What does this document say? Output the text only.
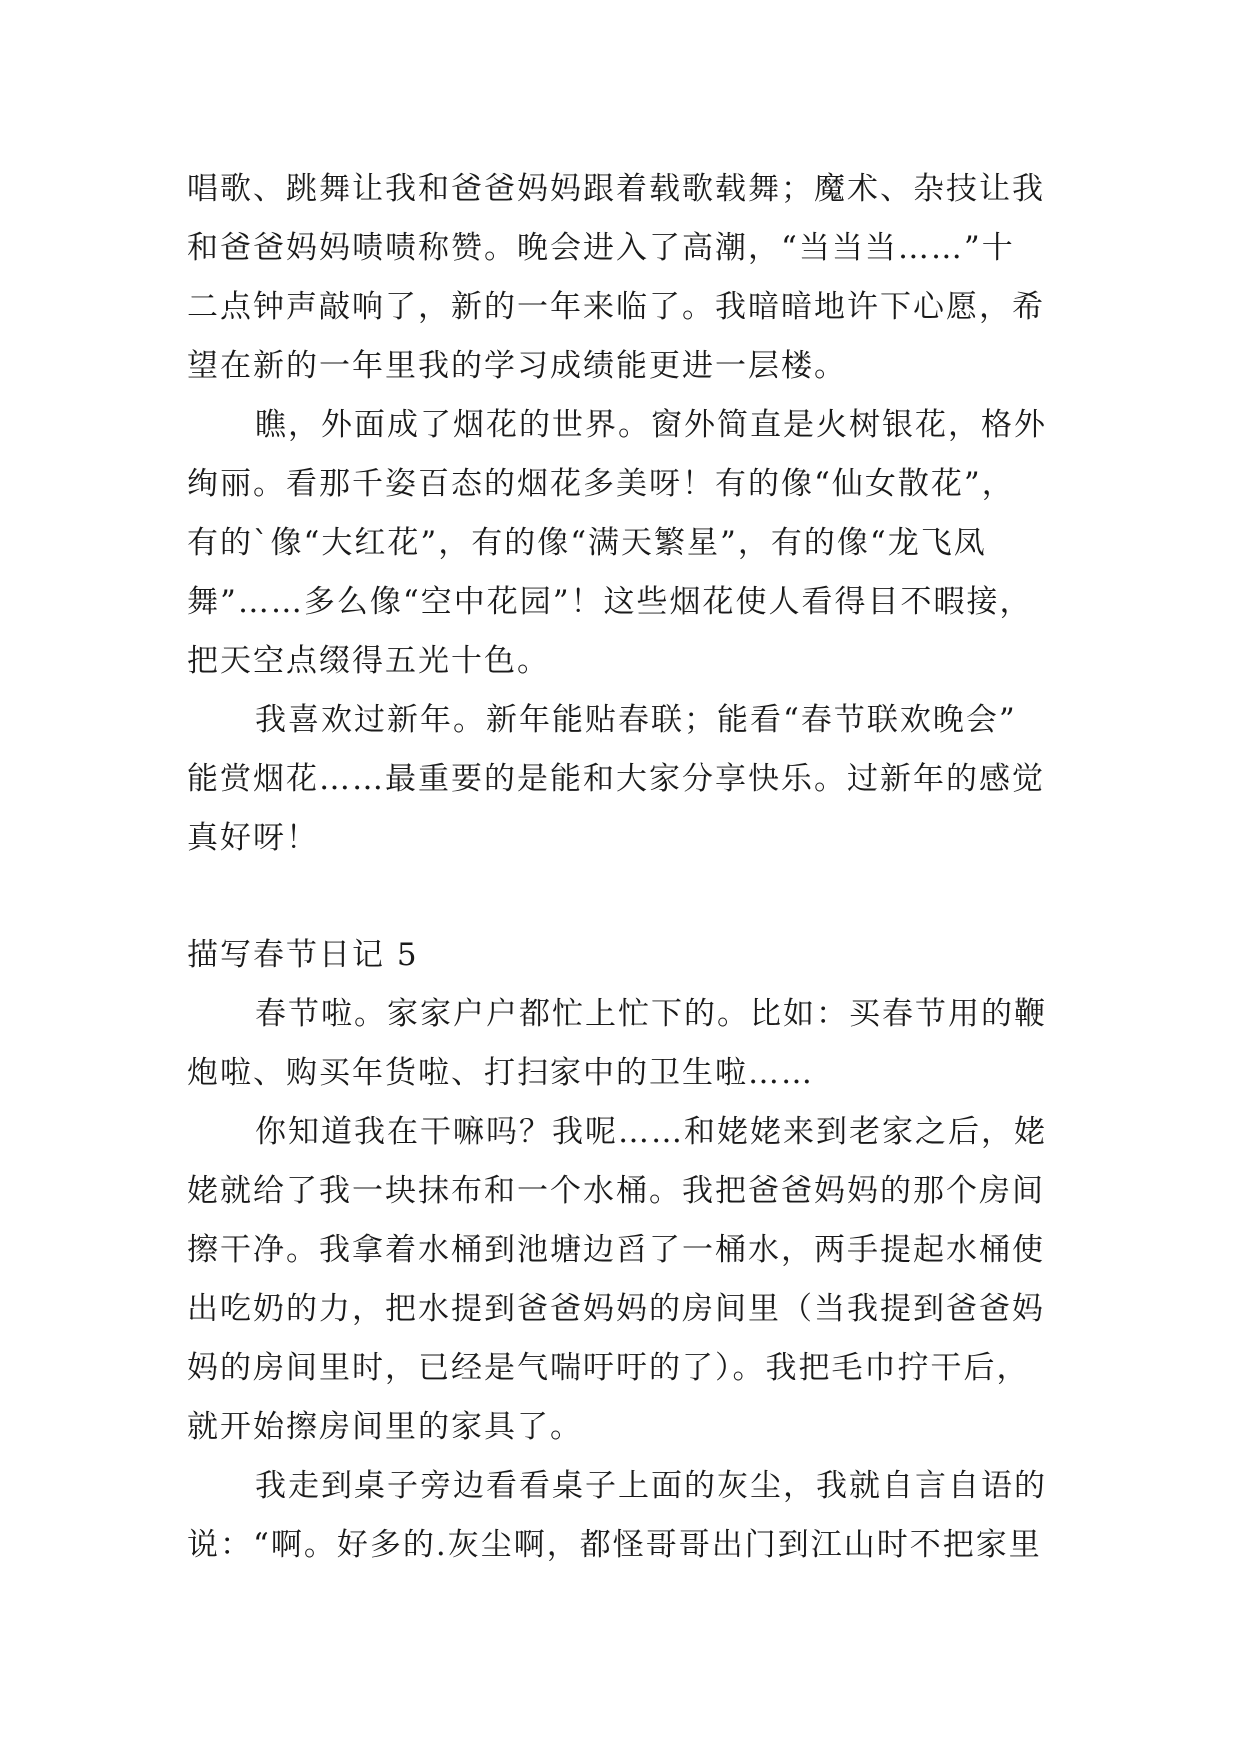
唱歌、跳舞让我和爸爸妈妈跟着载歌载舞；魔术、杂技让我
和爸爸妈妈啧啧称赞。晚会进入了高潮，“当当当……”十
二点钟声敲响了，新的一年来临了。我暗暗地许下心愿，希
望在新的一年里我的学习成绩能更进一层楼。
瞧，外面成了烟花的世界。窗外简直是火树银花，格外
绚丽。看那千姿百态的烟花多美呀！有的像“仙女散花”，
有的`像“大红花”，有的像“满天繁星”，有的像“龙飞凤
舞”……多么像“空中花园”！这些烟花使人看得目不暇接，
把天空点缀得五光十色。
我喜欢过新年。新年能贴春联；能看“春节联欢晚会”
能赏烟花……最重要的是能和大家分享快乐。过新年的感觉
真好呀！
描写春节日记 5
春节啦。家家户户都忙上忙下的。比如：买春节用的鞭
炮啦、购买年货啦、打扫家中的卫生啦……
你知道我在干嘛吗？我呢……和姥姥来到老家之后，姥
姥就给了我一块抹布和一个水桶。我把爸爸妈妈的那个房间
擦干净。我拿着水桶到池塘边舀了一桶水，两手提起水桶使
出吃奶的力，把水提到爸爸妈妈的房间里（当我提到爸爸妈
妈的房间里时，已经是气喘吁吁的了）。我把毛巾拧干后，
就开始擦房间里的家具了。
我走到桌子旁边看看桌子上面的灰尘，我就自言自语的
说：“啊。好多的.灰尘啊，都怪哥哥出门到江山时不把家里
